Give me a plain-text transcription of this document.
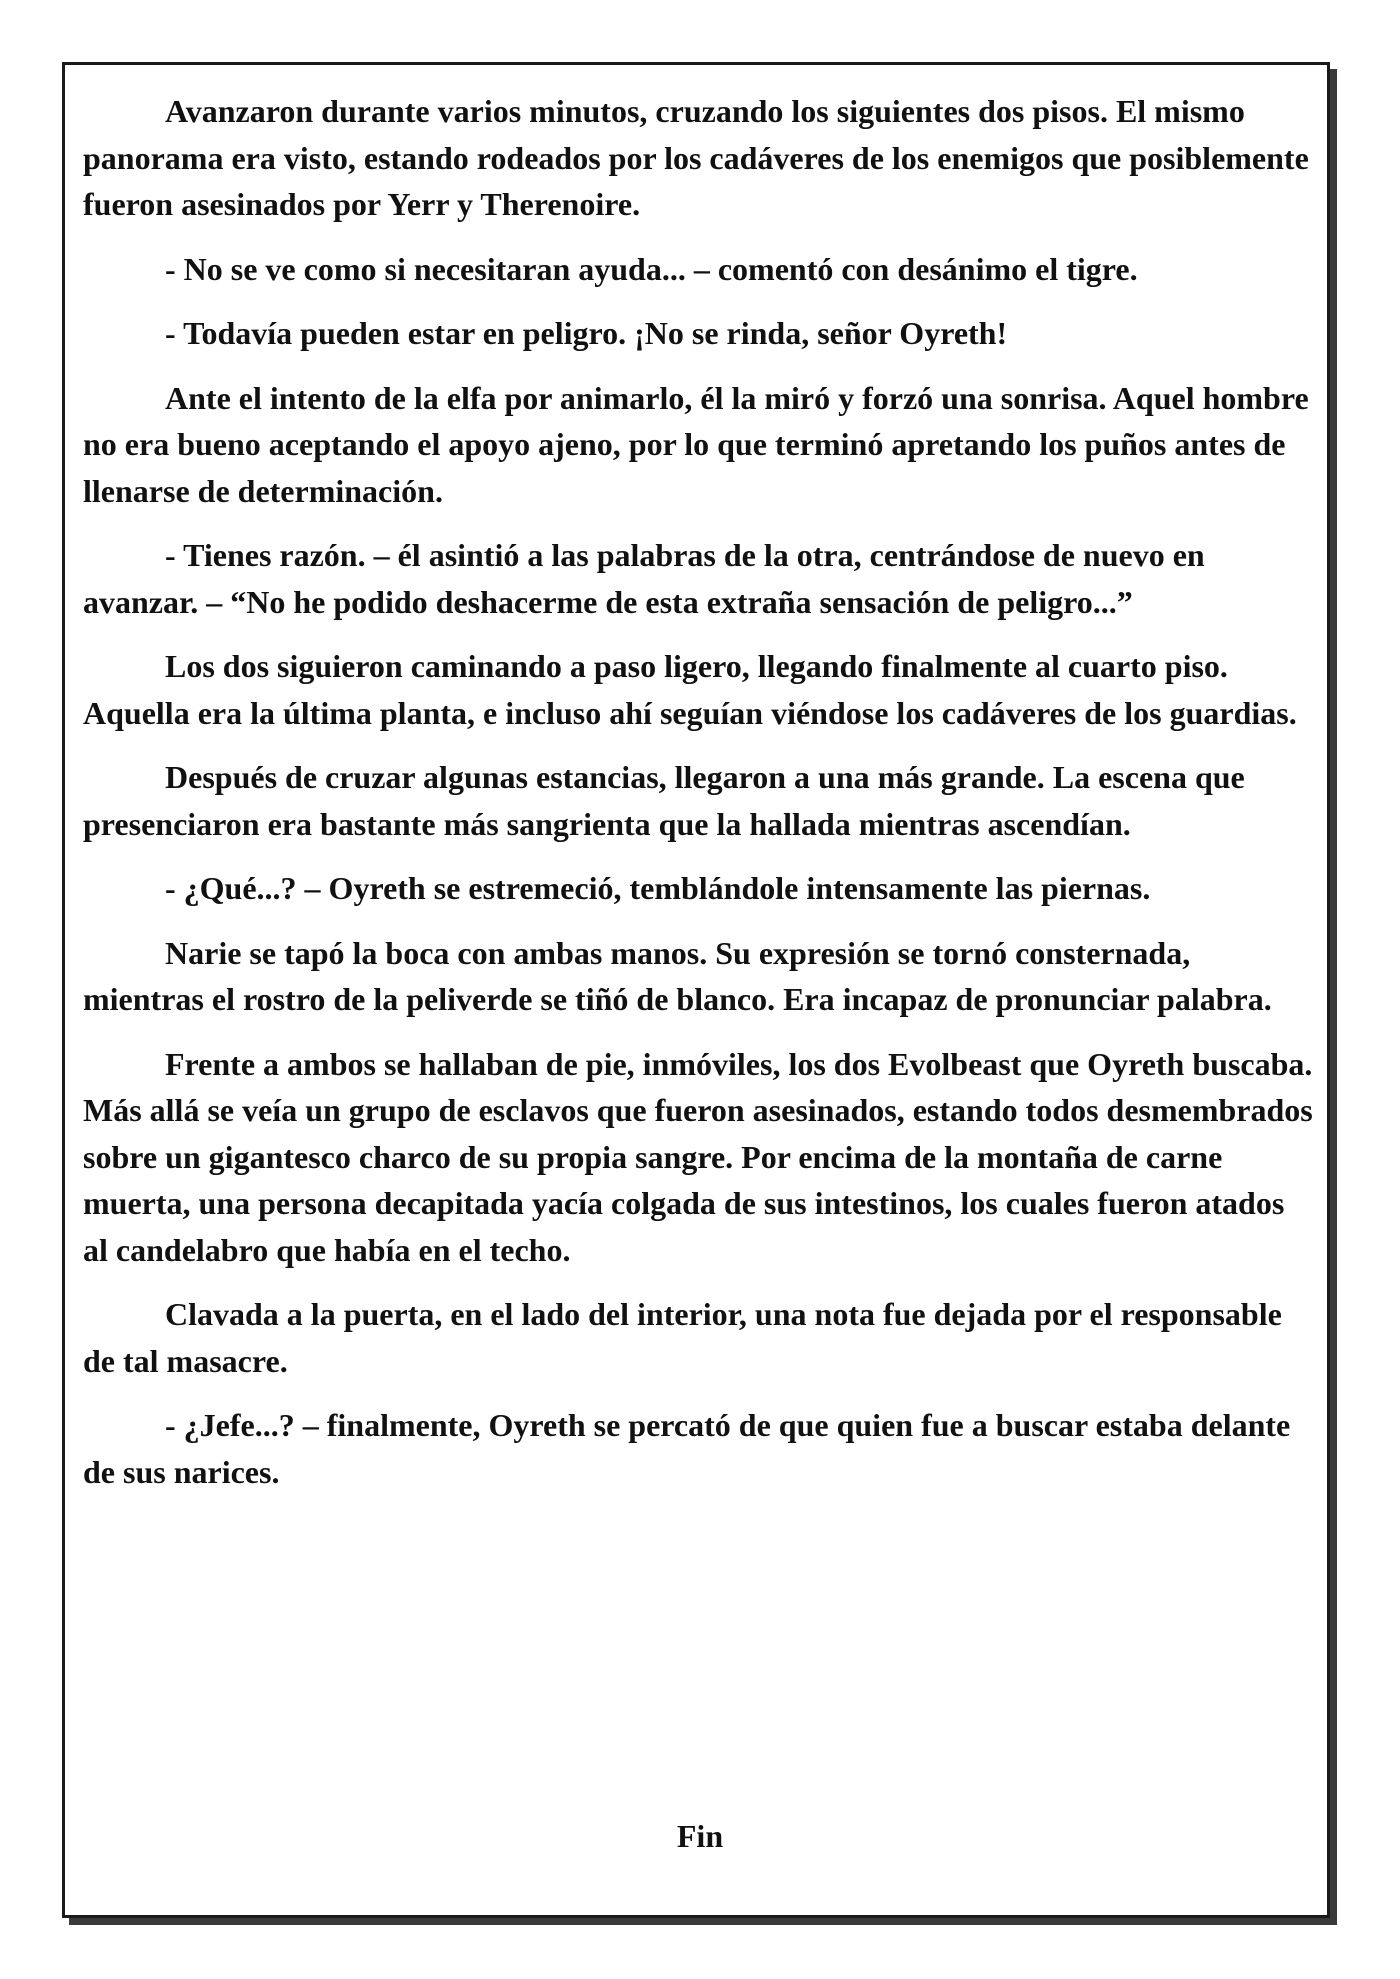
Avanzaron durante varios minutos, cruzando los siguientes dos pisos. El mismo panorama era visto, estando rodeados por los cadáveres de los enemigos que posiblemente fueron asesinados por Yerr y Therenoire.

- No se ve como si necesitaran ayuda... – comentó con desánimo el tigre.

- Todavía pueden estar en peligro. ¡No se rinda, señor Oyreth!

Ante el intento de la elfa por animarlo, él la miró y forzó una sonrisa. Aquel hombre no era bueno aceptando el apoyo ajeno, por lo que terminó apretando los puños antes de llenarse de determinación.

- Tienes razón. – él asintió a las palabras de la otra, centrándose de nuevo en avanzar. – “No he podido deshacerme de esta extraña sensación de peligro...”

Los dos siguieron caminando a paso ligero, llegando finalmente al cuarto piso. Aquella era la última planta, e incluso ahí seguían viéndose los cadáveres de los guardias.

Después de cruzar algunas estancias, llegaron a una más grande. La escena que presenciaron era bastante más sangrienta que la hallada mientras ascendían.

- ¿Qué...? – Oyreth se estremeció, temblándole intensamente las piernas.

Narie se tapó la boca con ambas manos. Su expresión se tornó consternada, mientras el rostro de la peliverde se tiñó de blanco. Era incapaz de pronunciar palabra.

Frente a ambos se hallaban de pie, inmóviles, los dos Evolbeast que Oyreth buscaba. Más allá se veía un grupo de esclavos que fueron asesinados, estando todos desmembrados sobre un gigantesco charco de su propia sangre. Por encima de la montaña de carne muerta, una persona decapitada yacía colgada de sus intestinos, los cuales fueron atados al candelabro que había en el techo.

Clavada a la puerta, en el lado del interior, una nota fue dejada por el responsable de tal masacre.

- ¿Jefe...? – finalmente, Oyreth se percató de que quien fue a buscar estaba delante de sus narices.

Fin
